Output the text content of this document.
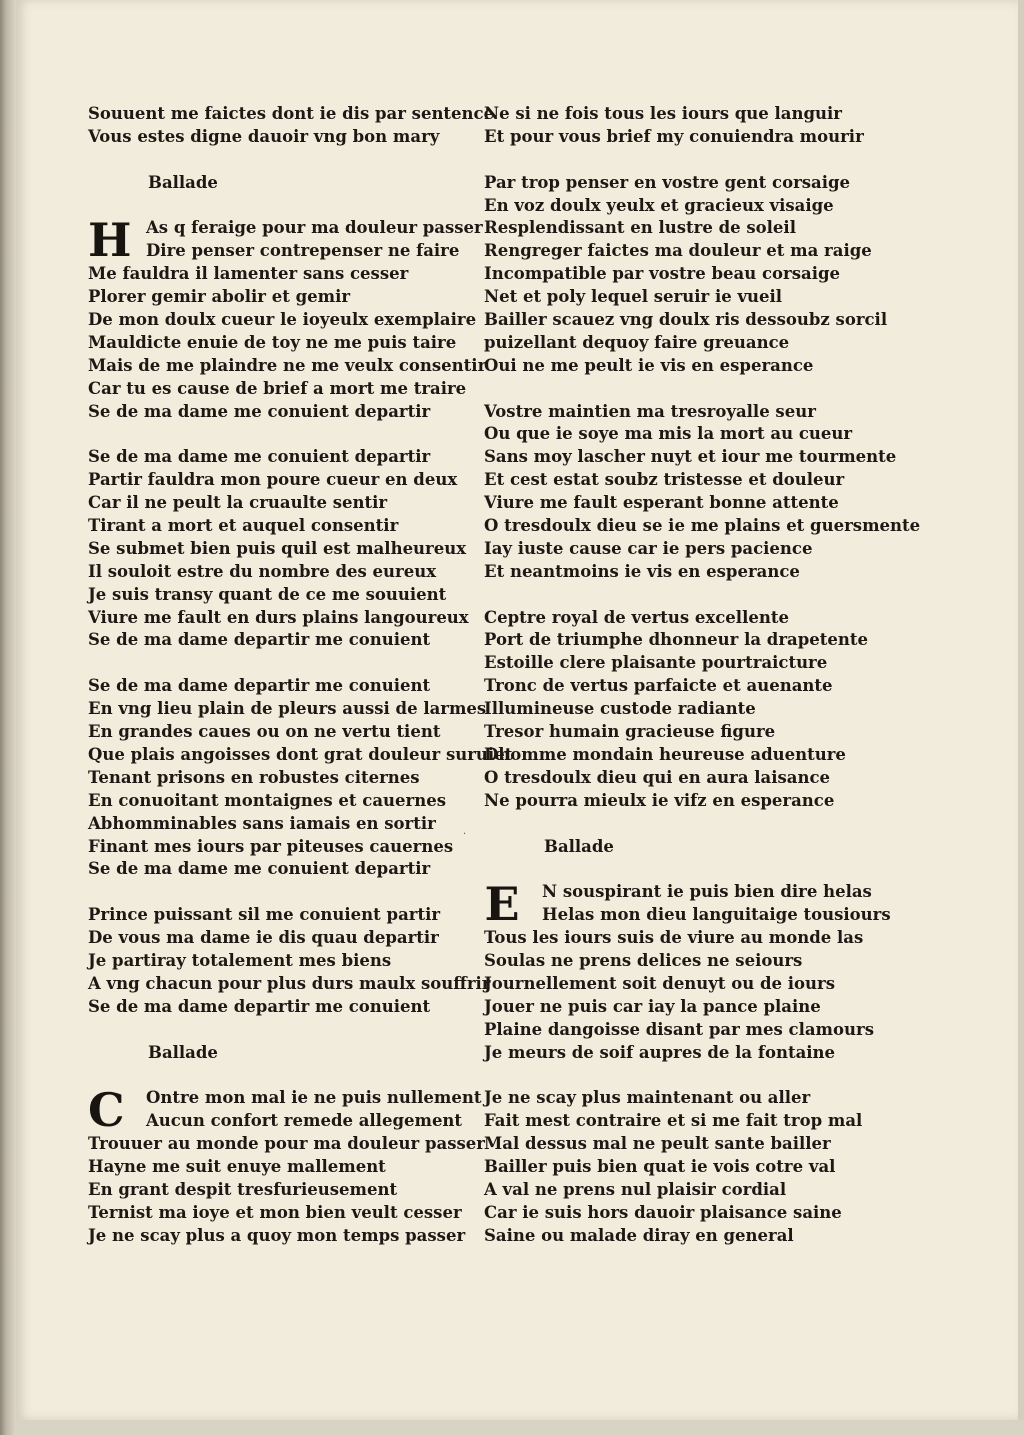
Souuent me faictes dont ie dis par sentence
Vous estes digne dauoir vng bon mary
Ballade
H As q feraige pour ma douleur passer
Dire penser contrepenser ne faire
Me fauldra il lamenter sans cesser
Plorer gemir abolir et gemir
De mon doulx cueur le ioyeulx exemplaire
Mauldicte enuie de toy ne me puis taire
Mais de me plaindre ne me veulx consentir
Car tu es cause de brief a mort me traire
Se de ma dame me conuient departir
Se de ma dame me conuient departir
Partir fauldra mon poure cueur en deux
Car il ne peult la cruaulte sentir
Tirant a mort et auquel consentir
Se submet bien puis quil est malheureux
Il souloit estre du nombre des eureux
Je suis transy quant de ce me souuient
Viure me fault en durs plains langoureux
Se de ma dame departir me conuient
Se de ma dame departir me conuient
En vng lieu plain de pleurs aussi de larmes
En grandes caues ou on ne vertu tient
Que plais angoisses dont grat douleur suruiet
Tenant prisons en robustes citernes
En conuoitant montaignes et cauernes
Abhomminables sans iamais en sortir
Finant mes iours par piteuses cauernes
Se de ma dame me conuient departir
Prince puissant sil me conuient partir
De vous ma dame ie dis quau departir
Je partiray totalement mes biens
A vng chacun pour plus durs maulx souffrir
Se de ma dame departir me conuient
Ballade
C	Ontre mon mal ie ne puis nullement
Aucun confort remede allegement
Trouuer au monde pour ma douleur passer
Hayne me suit enuye mallement
En grant despit tresfurieusement
Ternist ma ioye et mon bien veult cesser
Je ne scay plus a quoy mon temps passer
·
Ne si ne fois tous les iours que languir
Et pour vous brief my conuiendra mourir
Par trop penser en vostre gent corsaige
En voz doulx yeulx et gracieux visaige
Resplendissant en lustre de soleil
Rengreger faictes ma douleur et ma raige
Incompatible par vostre beau corsaige
Net et poly lequel seruir ie vueil
Bailler scauez vng doulx ris dessoubz sorcil
puizellant dequoy faire greuance
Oui ne me peult ie vis en esperance
Vostre maintien ma tresroyalle seur
Ou que ie soye ma mis la mort au cueur
Sans moy lascher nuyt et iour me tourmente
Et cest estat soubz tristesse et douleur
Viure me fault esperant bonne attente
O tresdoulx dieu se ie me plains et guersmente
Iay iuste cause car ie pers pacience
Et neantmoins ie vis en esperance
Ceptre royal de vertus excellente
Port de triumphe dhonneur la drapetente
Estoille clere plaisante pourtraicture
Tronc de vertus parfaicte et auenante
Illumineuse custode radiante
Tresor humain gracieuse figure
Dhomme mondain heureuse aduenture
O tresdoulx dieu qui en aura laisance
Ne pourra mieulx ie vifz en esperance
Ballade
E	N souspirant ie puis bien dire helas
Helas mon dieu languitaige tousiours
Tous les iours suis de viure au monde las
Soulas ne prens delices ne seiours
Journellement soit denuyt ou de iours
Jouer ne puis car iay la pance plaine
Plaine dangoisse disant par mes clamours
Je meurs de soif aupres de la fontaine
Je ne scay plus maintenant ou aller
Fait mest contraire et si me fait trop mal
Mal dessus mal ne peult sante bailler
Bailler puis bien quat ie vois cotre val
A val ne prens nul plaisir cordial
Car ie suis hors dauoir plaisance saine
Saine ou malade diray en general
